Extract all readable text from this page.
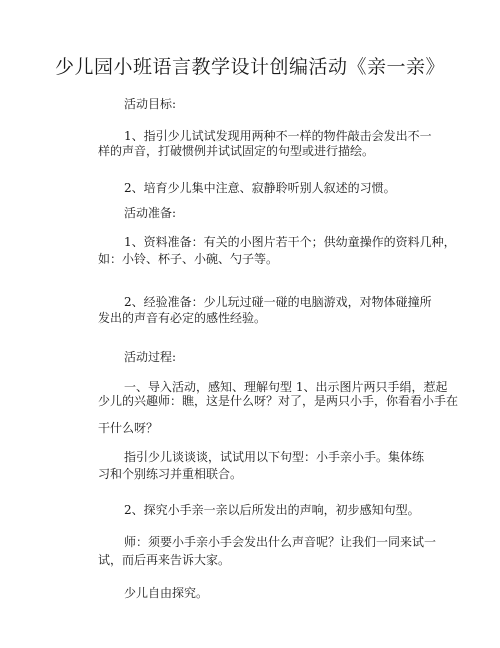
少儿园小班语言教学设计创编活动《亲一亲》
活动目标:
1、指引少儿试试发现用两种不一样的物件敲击会发出不一
样的声音，打破惯例并试试固定的句型或进行描绘。
2、培育少儿集中注意、寂静聆听别人叙述的习惯。
活动准备:
1、资料准备：有关的小图片若干个；供幼童操作的资料几种，
如：小铃、杯子、小碗、勺子等。
2、经验准备：少儿玩过碰一碰的电脑游戏，对物体碰撞所
发出的声音有必定的感性经验。
活动过程:
一、导入活动，感知、理解句型 1、出示图片两只手绢，惹起
少儿的兴趣师：瞧，这是什么呀？对了，是两只小手，你看看小手在
干什么呀？
指引少儿谈谈谈，试试用以下句型：小手亲小手。集体练
习和个别练习并重相联合。
2、探究小手亲一亲以后所发出的声响，初步感知句型。
师：须要小手亲小手会发出什么声音呢？让我们一同来试一
试，而后再来告诉大家。
少儿自由探究。
